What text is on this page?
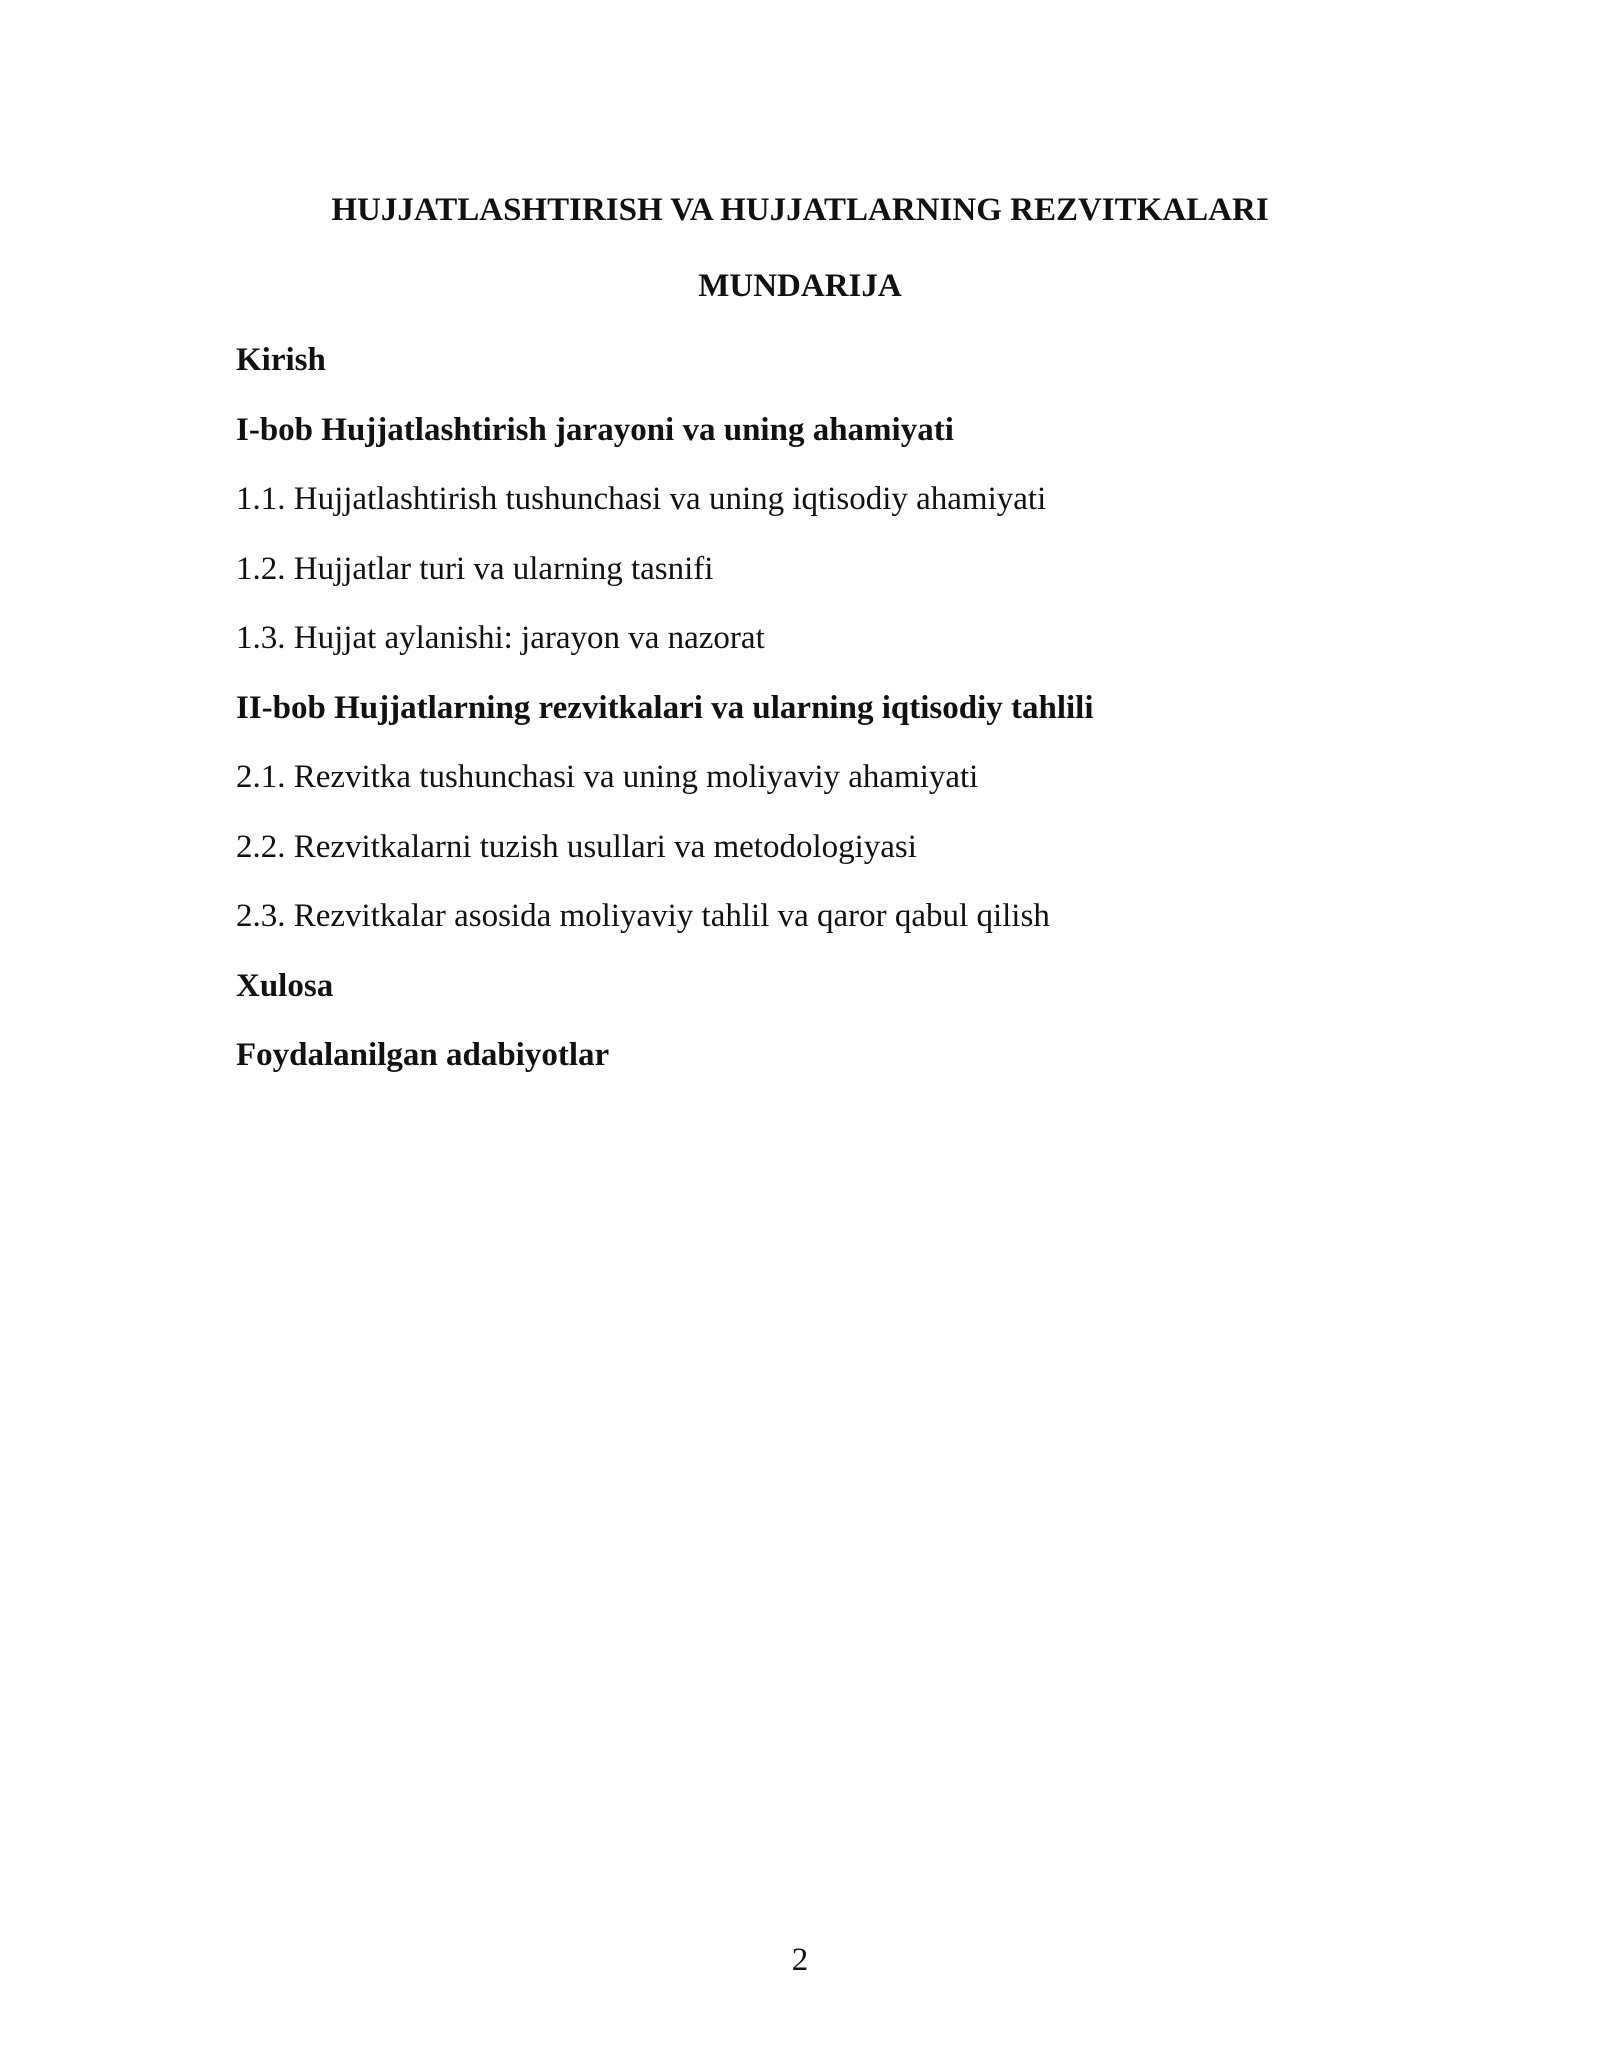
HUJJATLASHTIRISH VA HUJJATLARNING REZVITKALARI
MUNDARIJA
Kirish
I-bob Hujjatlashtirish jarayoni va uning ahamiyati
1.1. Hujjatlashtirish tushunchasi va uning iqtisodiy ahamiyati
1.2. Hujjatlar turi va ularning tasnifi
1.3. Hujjat aylanishi: jarayon va nazorat
II-bob Hujjatlarning rezvitkalari va ularning iqtisodiy tahlili
2.1. Rezvitka tushunchasi va uning moliyaviy ahamiyati
2.2. Rezvitkalarni tuzish usullari va metodologiyasi
2.3. Rezvitkalar asosida moliyaviy tahlil va qaror qabul qilish
Xulosa
Foydalanilgan adabiyotlar
2
